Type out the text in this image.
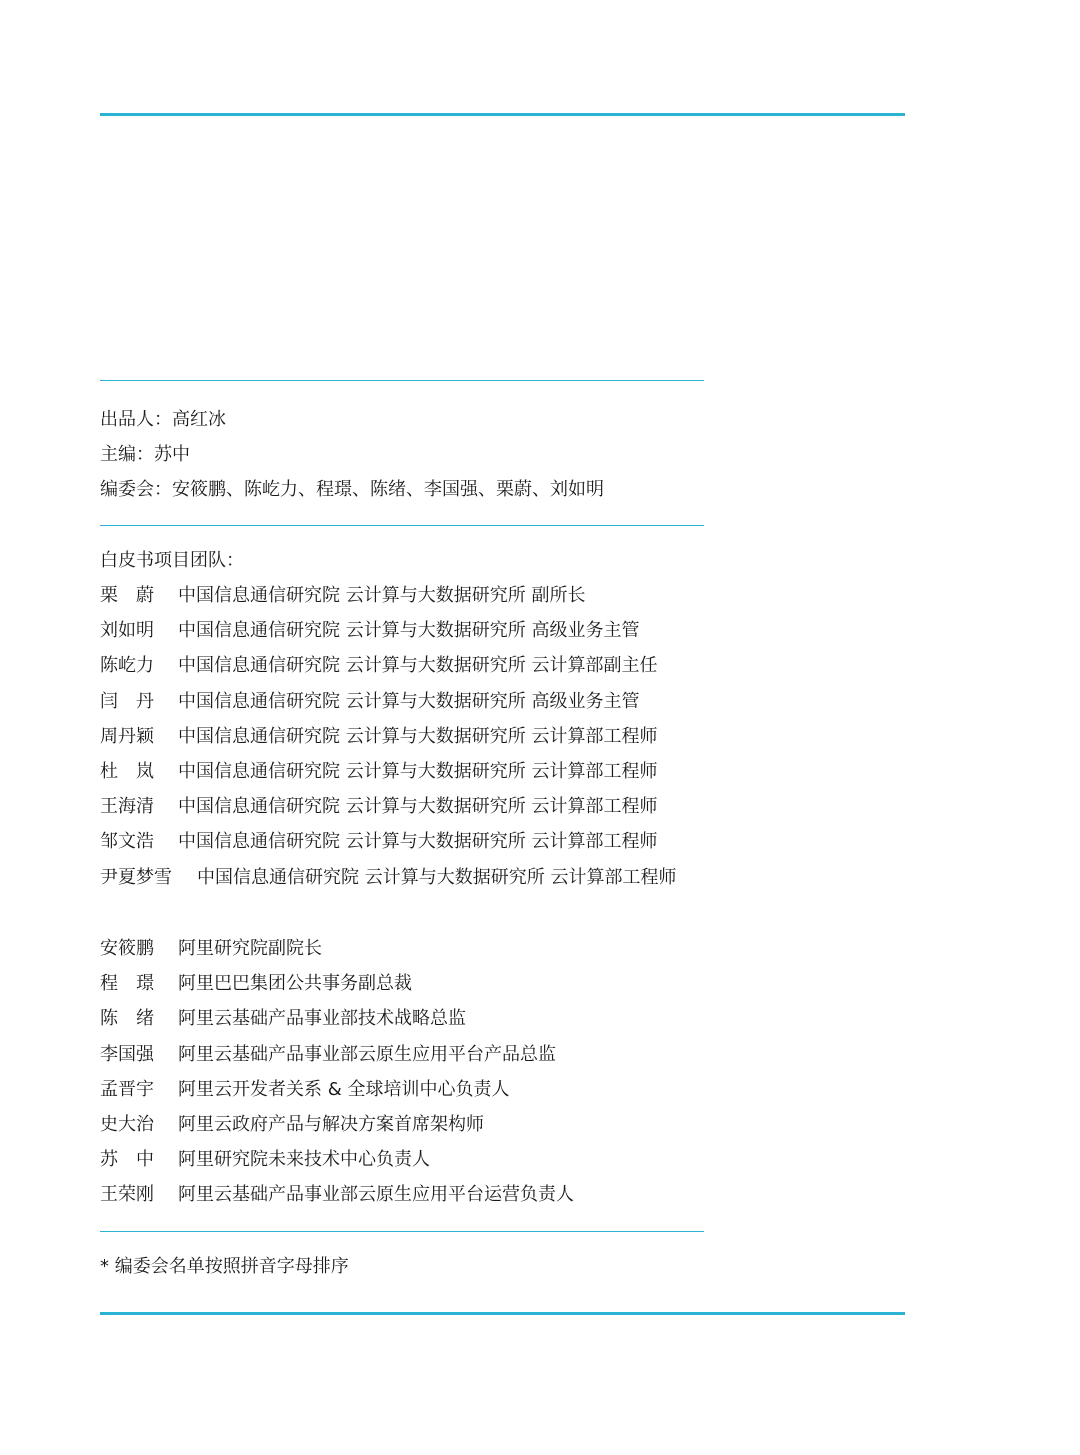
出品人：高红冰
主编：苏中
编委会：安筱鹏、陈屹力、程璟、陈绪、李国强、栗蔚、刘如明
白皮书项目团队：
栗　蔚 中国信息通信研究院 云计算与大数据研究所 副所长
刘如明 中国信息通信研究院 云计算与大数据研究所 高级业务主管
陈屹力 中国信息通信研究院 云计算与大数据研究所 云计算部副主任
闫　丹 中国信息通信研究院 云计算与大数据研究所 高级业务主管
周丹颖 中国信息通信研究院 云计算与大数据研究所 云计算部工程师
杜　岚 中国信息通信研究院 云计算与大数据研究所 云计算部工程师
王海清 中国信息通信研究院 云计算与大数据研究所 云计算部工程师
邹文浩 中国信息通信研究院 云计算与大数据研究所 云计算部工程师
尹夏梦雪 中国信息通信研究院 云计算与大数据研究所 云计算部工程师
安筱鹏 阿里研究院副院长
程　璟 阿里巴巴集团公共事务副总裁
陈　绪 阿里云基础产品事业部技术战略总监
李国强 阿里云基础产品事业部云原生应用平台产品总监
孟晋宇 阿里云开发者关系 & 全球培训中心负责人
史大治 阿里云政府产品与解决方案首席架构师
苏　中 阿里研究院未来技术中心负责人
王荣刚 阿里云基础产品事业部云原生应用平台运营负责人
* 编委会名单按照拼音字母排序
